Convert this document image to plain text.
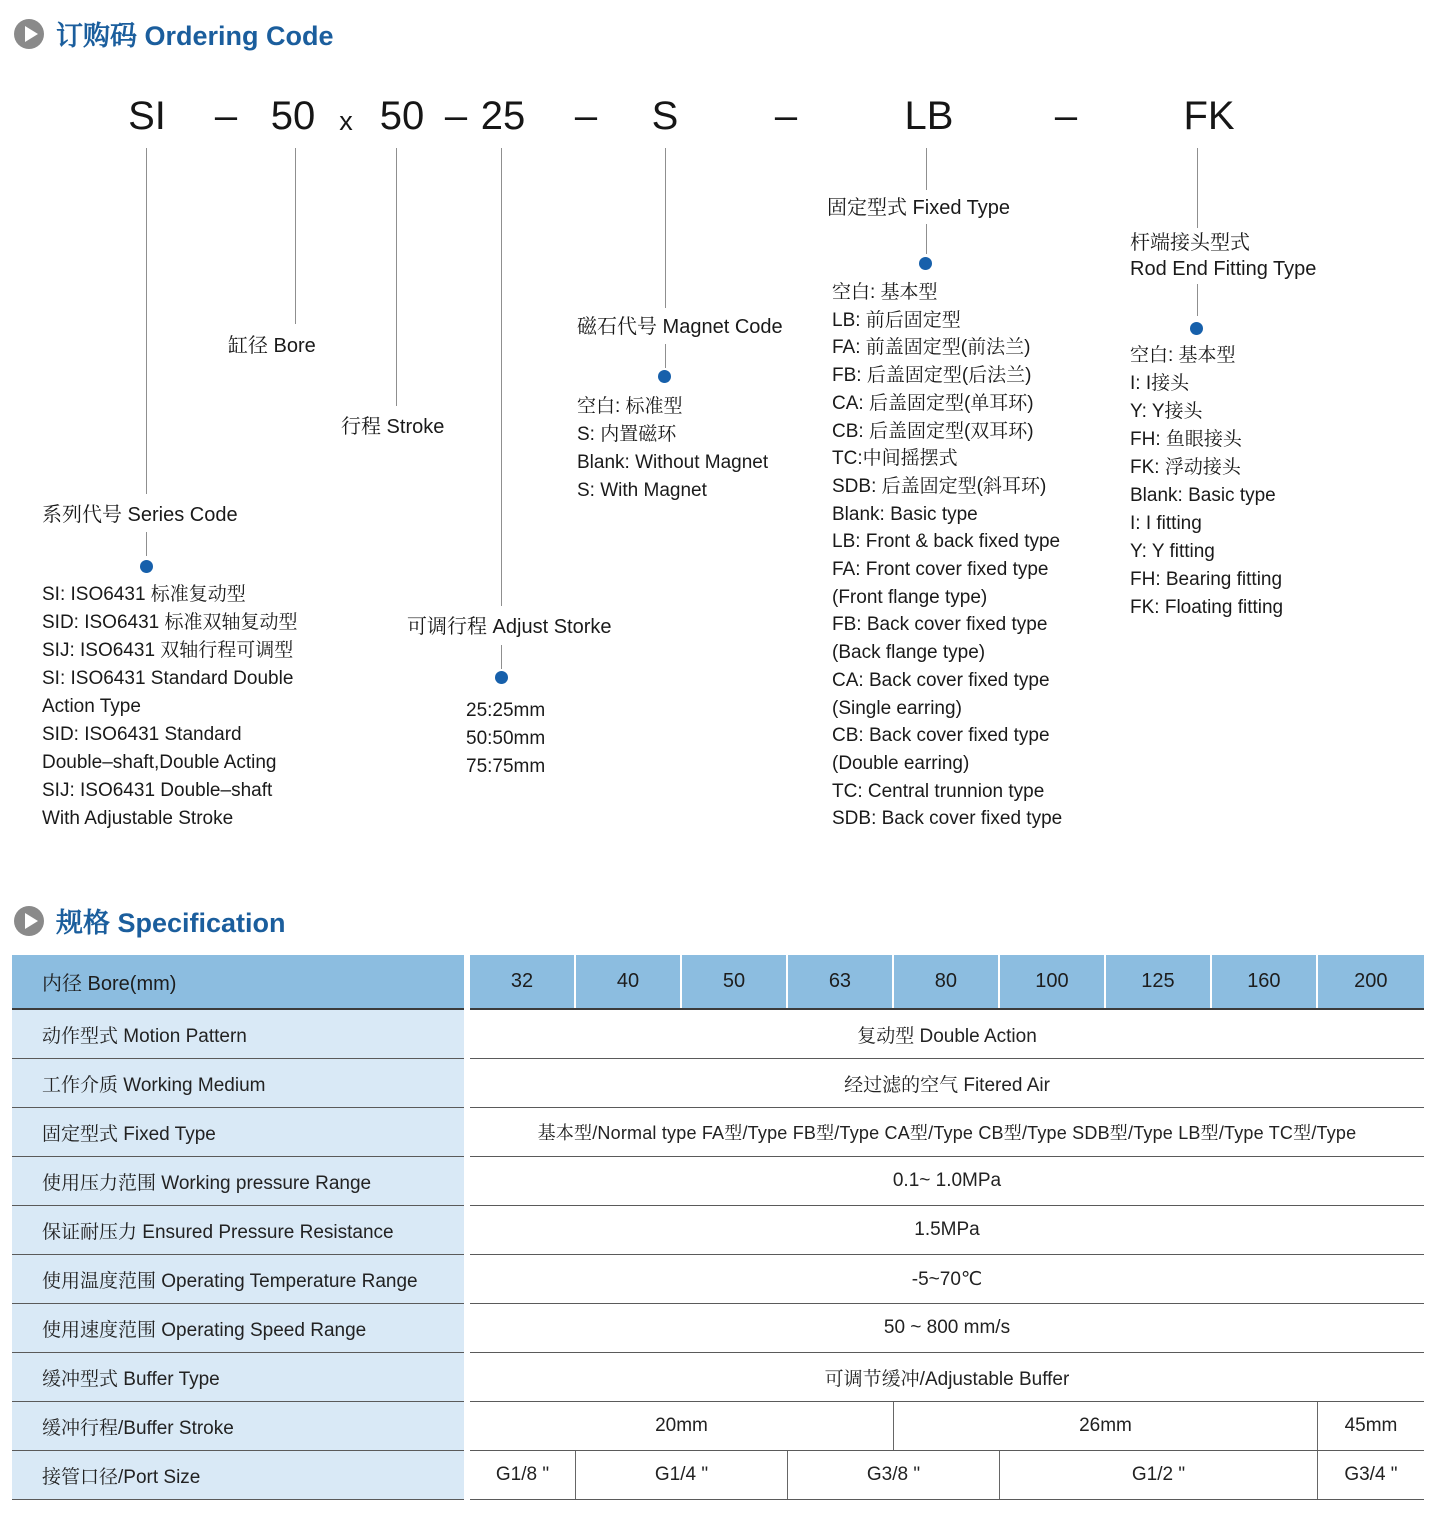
订购码 Ordering Code
SI – 50 x 50 – 25 – S –	LB	–	FK
系列代号 Series Code
缸径 Bore
行程 Stroke
可调行程 Adjust Storke
磁石代号 Magnet Code
固定型式 Fixed Type
杆端接头型式
Rod End Fitting Type
SI: ISO6431 标准复动型
SID: ISO6431 标准双轴复动型
SIJ: ISO6431 双轴行程可调型
SI: ISO6431 Standard Double
Action Type
SID: ISO6431 Standard
Double–shaft,Double Acting
SIJ: ISO6431 Double–shaft
With Adjustable Stroke
25:25mm
50:50mm
75:75mm
空白: 标准型
S: 内置磁环
Blank: Without Magnet
S: With Magnet
空白: 基本型
LB: 前后固定型
FA: 前盖固定型(前法兰)
FB: 后盖固定型(后法兰)
CA: 后盖固定型(单耳环)
CB: 后盖固定型(双耳环)
TC:中间摇摆式
SDB: 后盖固定型(斜耳环)
Blank: Basic type
LB: Front & back fixed type
FA: Front cover fixed type
(Front flange type)
FB: Back cover fixed type
(Back flange type)
CA: Back cover fixed type
(Single earring)
CB: Back cover fixed type
(Double earring)
TC: Central trunnion type
SDB: Back cover fixed type
空白: 基本型
I: I接头
Y: Y接头
FH: 鱼眼接头
FK: 浮动接头
Blank: Basic type
I: I fitting
Y: Y fitting
FH: Bearing fitting
FK: Floating fitting
规格 Specification
内径 Bore(mm)	32	40	50	63	80	100	125	160	200
动作型式 Motion Pattern	复动型 Double Action
工作介质 Working Medium	经过滤的空气 Fitered Air
固定型式 Fixed Type	基本型/Normal type FA型/Type FB型/Type CA型/Type CB型/Type SDB型/Type LB型/Type TC型/Type
使用压力范围 Working pressure Range	0.1~ 1.0MPa
保证耐压力 Ensured Pressure Resistance	1.5MPa
使用温度范围 Operating Temperature Range	-5~70℃
使用速度范围 Operating Speed Range	50 ~ 800 mm/s
缓冲型式 Buffer Type	可调节缓冲/Adjustable Buffer
缓冲行程/Buffer Stroke	20mm	26mm	45mm
接管口径/Port Size	G1/8 "	G1/4 "	G3/8 "	G1/2 "	G3/4 "
